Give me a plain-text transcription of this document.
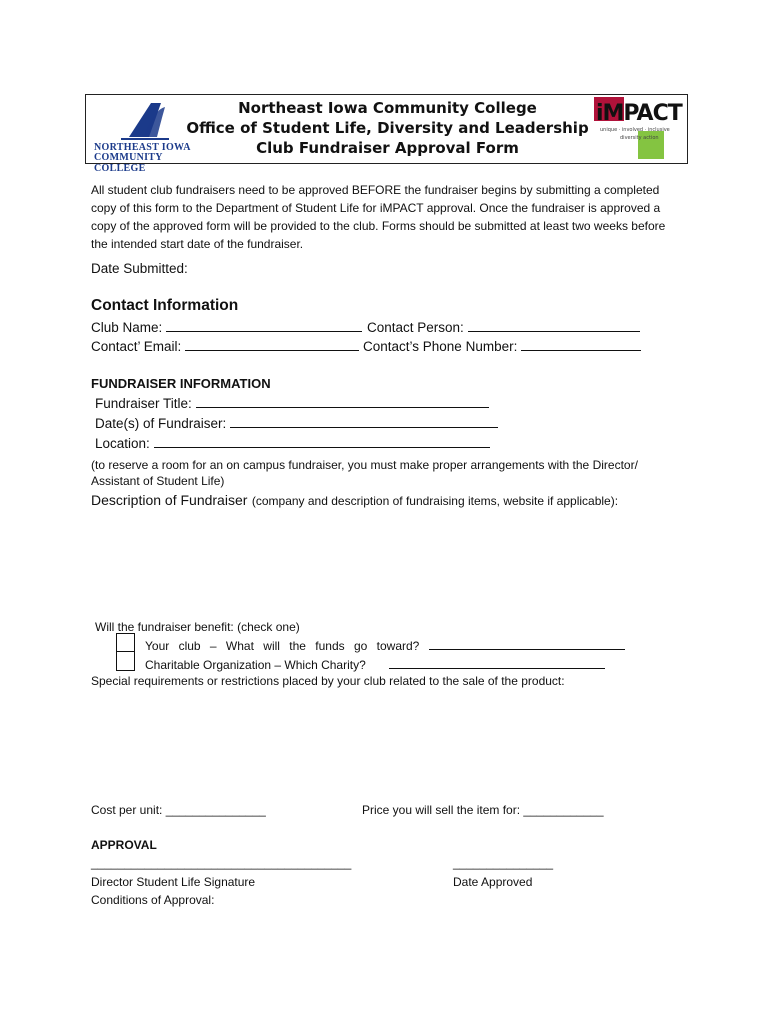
NORTHEAST IOWA
COMMUNITY COLLEGE
Northeast Iowa Community College
Office of Student Life, Diversity and Leadership
Club Fundraiser Approval Form
iMPACT
unique · involved · inclusive
diversity action
All student club fundraisers need to be approved BEFORE the fundraiser begins by submitting a completed copy of this form to the Department of Student Life for iMPACT approval. Once the fundraiser is approved a copy of the approved form will be provided to the club. Forms should be submitted at least two weeks before the intended start date of the fundraiser.
Date Submitted:
Contact Information
Club Name:	Contact Person:
Contact’ Email:	Contact’s Phone Number:
FUNDRAISER INFORMATION
Fundraiser Title:
Date(s) of Fundraiser:
Location:
(to reserve a room for an on campus fundraiser, you must make proper arrangements with the Director/
Assistant of Student Life)
Description of Fundraiser (company and description of fundraising items, website if applicable):
Will the fundraiser benefit: (check one)
Your club – What will the funds go toward?
Charitable Organization – Which Charity?
Special requirements or restrictions placed by your club related to the sale of the product:
Cost per unit: _______________	Price you will sell the item for: ____________
APPROVAL
_______________________________________	_______________
Director Student Life Signature	Date Approved
Conditions of Approval:
